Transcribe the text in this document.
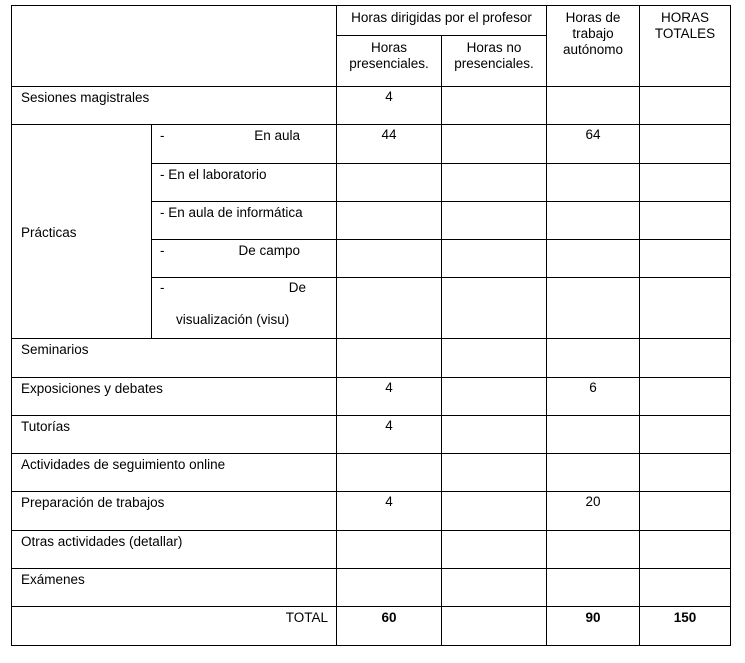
		Horas dirigidas por el profesor		Horas de trabajo autónomo	HORAS TOTALES
		Horas presenciales.	Horas no presenciales.		
Sesiones magistrales		4			
Prácticas	- En aula	44		64	
	- En el laboratorio				
	- En aula de informática				

	- De campo				

	- De
visualización (visu)				

Seminarios					
Exposiciones y debates		4		6	
Tutorías		4			
Actividades de seguimiento online					
Preparación de trabajos		4		20	
Otras actividades (detallar)					
Exámenes					
TOTAL		60		90	150
